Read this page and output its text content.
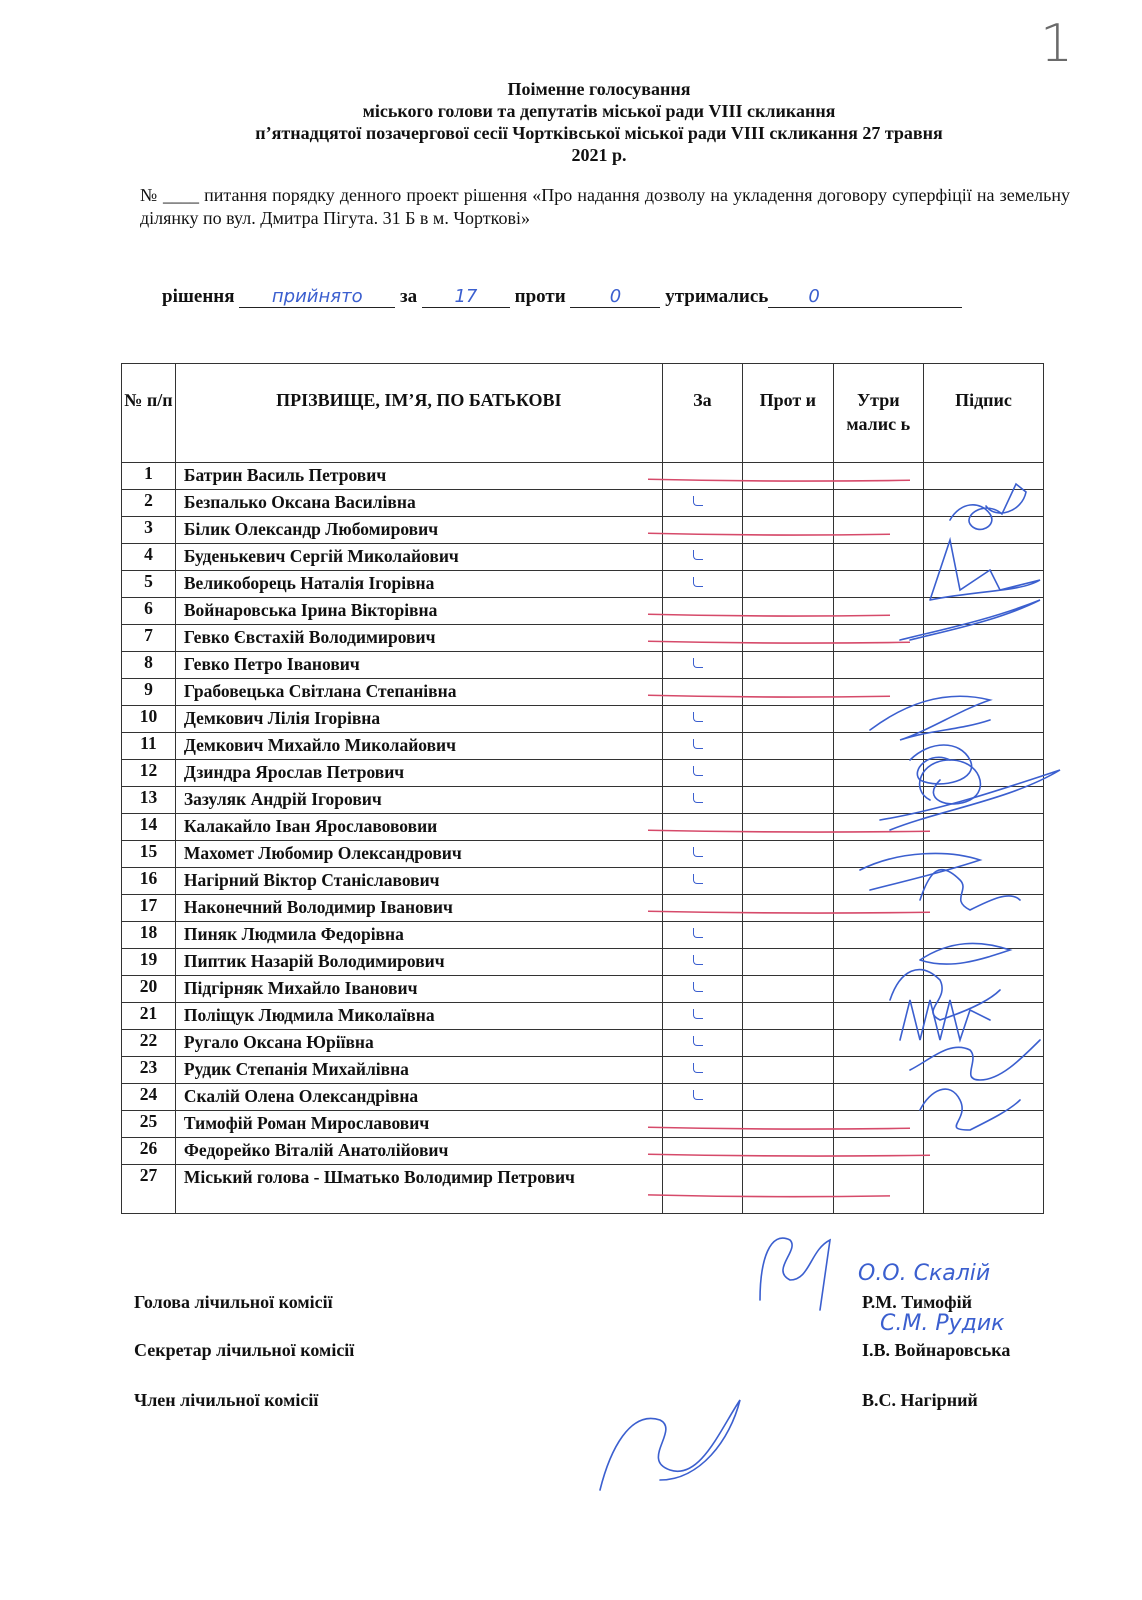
1
Поіменне голосування
міського голови та депутатів міської ради VIII скликання
п’ятнадцятої позачергової сесії Чортківської міської ради VIII скликання 27 травня
2021 р.
№ ____ питання порядку денного проект рішення «Про надання дозволу на укладення договору суперфіції на земельну ділянку по вул. Дмитра Пігута. 31 Б в м. Чорткові»
рішення прийнято за 17 проти 0 утримались 0
№ п/п	ПРІЗВИЩЕ, ІМ’Я, ПО БАТЬКОВІ	За	Прот и	Утри малис ь	Підпис
1	Батрин Василь Петрович				
2	Безпалько Оксана Василівна	

3	Білик Олександр Любомирович				
4	Буденькевич Сергій Миколайович	

5	Великоборець Наталія Ігорівна	

6	Войнаровська Ірина Вікторівна				
7	Гевко Євстахій Володимирович				
8	Гевко Петро Іванович	

9	Грабовецька Світлана Степанівна				
10	Демкович Лілія Ігорівна	

11	Демкович Михайло Миколайович	

12	Дзиндра Ярослав Петрович	

13	Зазуляк Андрій Ігорович	

14	Калакайло Іван Ярославововии				
15	Махомет Любомир Олександрович	

16	Нагірний Віктор Станіславович	

17	Наконечний Володимир Іванович				
18	Пиняк Людмила Федорівна	

19	Пиптик Назарій Володимирович	

20	Підгірняк Михайло Іванович	

21	Поліщук Людмила Миколаївна	

22	Ругало Оксана Юріївна	

23	Рудик Степанія Михайлівна	

24	Скалій Олена Олександрівна	

25	Тимофій Роман Мирославович				
26	Федорейко Віталій Анатолійович				
27	Міський голова - Шматько Володимир Петрович				
О.О. Скалій
С.М. Рудик
Голова лічильної комісії	Р.М. Тимофій
Секретар лічильної комісії	І.В. Войнаровська
Член лічильної комісії	В.С. Нагірний
